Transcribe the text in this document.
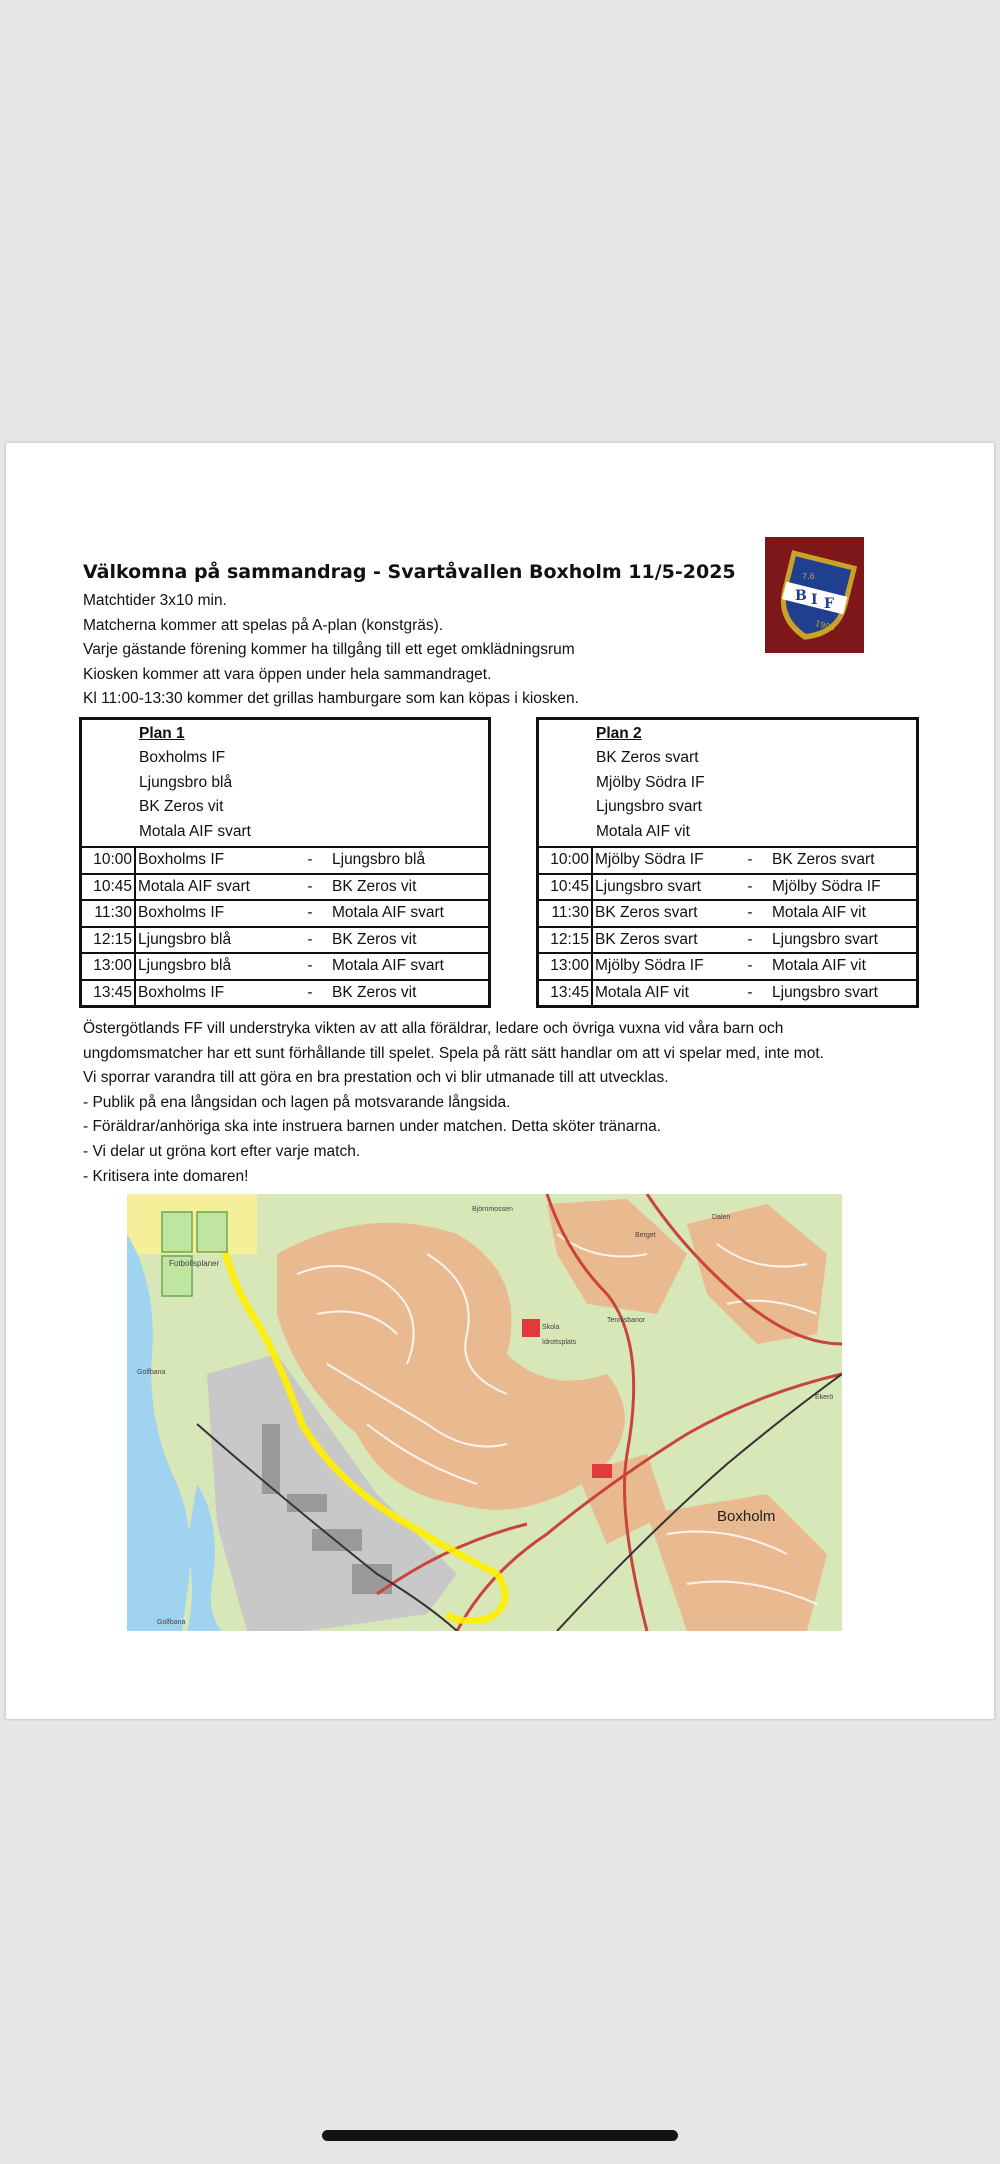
Välkomna på sammandrag - Svartåvallen Boxholm 11/5-2025
Matchtider 3x10 min.
Matcherna kommer att spelas på A-plan (konstgräs).
Varje gästande förening kommer ha tillgång till ett eget omklädningsrum
Kiosken kommer att vara öppen under hela sammandraget.
Kl 11:00-13:30 kommer det grillas hamburgare som kan köpas i kiosken.
B I F
7.6
1905
Plan 1
Boxholms IF
Ljungsbro blå
BK Zeros vit
Motala AIF svart
10:00 Boxholms IF	-	Ljungsbro blå
10:45 Motala AIF svart	-	BK Zeros vit
11:30 Boxholms IF	-	Motala AIF svart
12:15 Ljungsbro blå	-	BK Zeros vit
13:00 Ljungsbro blå	-	Motala AIF svart
13:45 Boxholms IF	-	BK Zeros vit
Plan 2
BK Zeros svart
Mjölby Södra IF
Ljungsbro svart
Motala AIF vit
10:00 Mjölby Södra IF	-	BK Zeros svart
10:45 Ljungsbro svart	-	Mjölby Södra IF
11:30 BK Zeros svart	-	Motala AIF vit
12:15 BK Zeros svart	-	Ljungsbro svart
13:00 Mjölby Södra IF	-	Motala AIF vit
13:45 Motala AIF vit	-	Ljungsbro svart
Östergötlands FF vill understryka vikten av att alla föräldrar, ledare och övriga vuxna vid våra barn och
ungdomsmatcher har ett sunt förhållande till spelet. Spela på rätt sätt handlar om att vi spelar med, inte mot.
Vi sporrar varandra till att göra en bra prestation och vi blir utmanade till att utvecklas.
- Publik på ena långsidan och lagen på motsvarande långsida.
- Föräldrar/anhöriga ska inte instruera barnen under matchen. Detta sköter tränarna.
- Vi delar ut gröna kort efter varje match.
- Kritisera inte domaren!
Boxholm
Fotbollsplaner
Björnmossen
Dalen
Berget
Skola
Idrottsplats
Tennisbanor
Golfbana
Ekerö
Golfbana
